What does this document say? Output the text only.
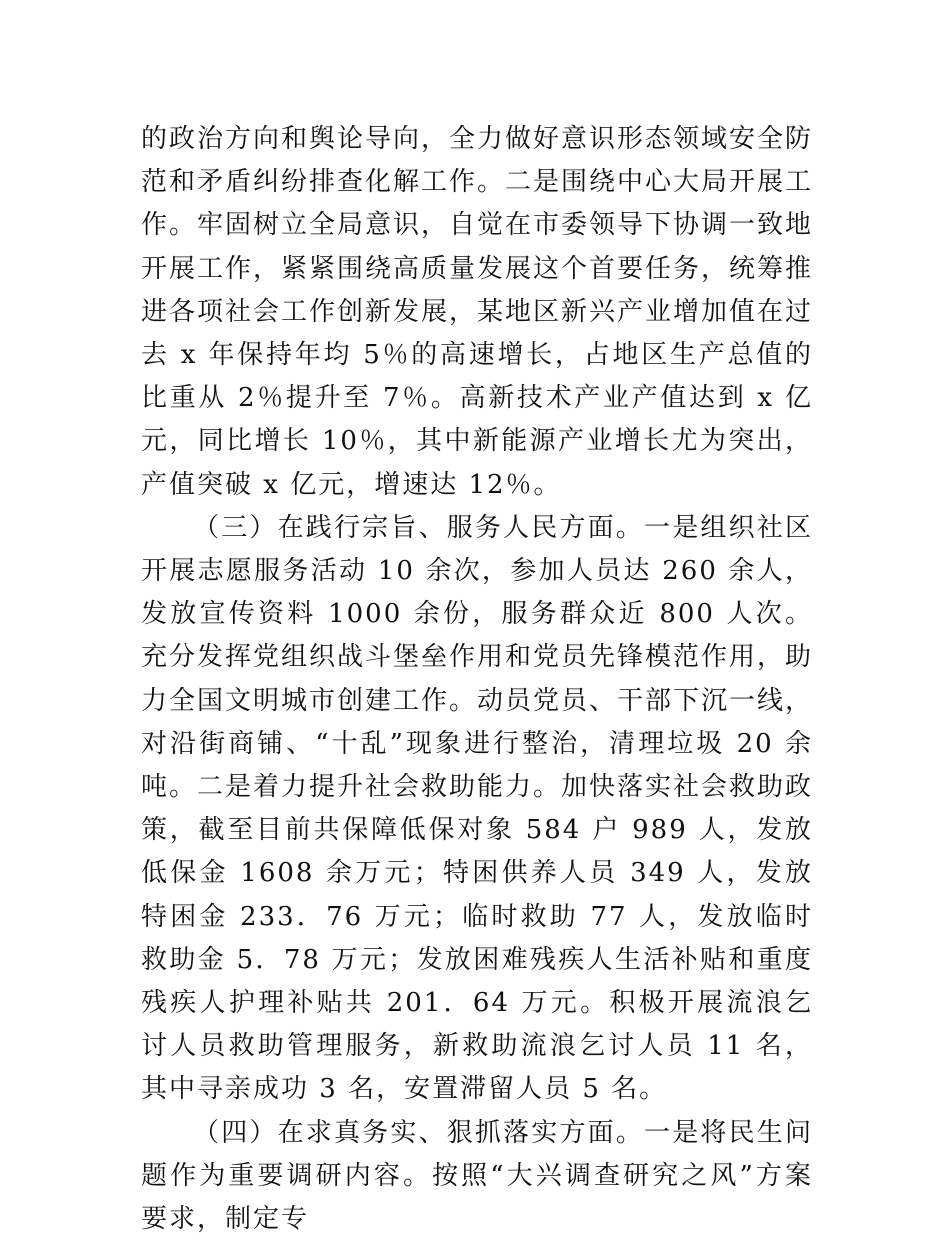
的政治方向和舆论导向，全力做好意识形态领域安全防范和矛盾纠纷排查化解工作。二是围绕中心大局开展工作。牢固树立全局意识，自觉在市委领导下协调一致地开展工作，紧紧围绕高质量发展这个首要任务，统筹推进各项社会工作创新发展，某地区新兴产业增加值在过去 x 年保持年均 5％的高速增长，占地区生产总值的比重从 2％提升至 7％。高新技术产业产值达到 x 亿元，同比增长 10％，其中新能源产业增长尤为突出，产值突破 x 亿元，增速达 12％。

（三）在践行宗旨、服务人民方面。一是组织社区开展志愿服务活动 10 余次，参加人员达 260 余人，发放宣传资料 1000 余份，服务群众近 800 人次。充分发挥党组织战斗堡垒作用和党员先锋模范作用，助力全国文明城市创建工作。动员党员、干部下沉一线，对沿街商铺、“十乱”现象进行整治，清理垃圾 20 余吨。二是着力提升社会救助能力。加快落实社会救助政策，截至目前共保障低保对象 584 户 989 人，发放低保金 1608 余万元；特困供养人员 349 人，发放特困金 233．76 万元；临时救助 77 人，发放临时救助金 5．78 万元；发放困难残疾人生活补贴和重度残疾人护理补贴共 201．64 万元。积极开展流浪乞讨人员救助管理服务，新救助流浪乞讨人员 11 名，其中寻亲成功 3 名，安置滞留人员 5 名。

（四）在求真务实、狠抓落实方面。一是将民生问题作为重要调研内容。按照“大兴调查研究之风”方案要求，制定专
